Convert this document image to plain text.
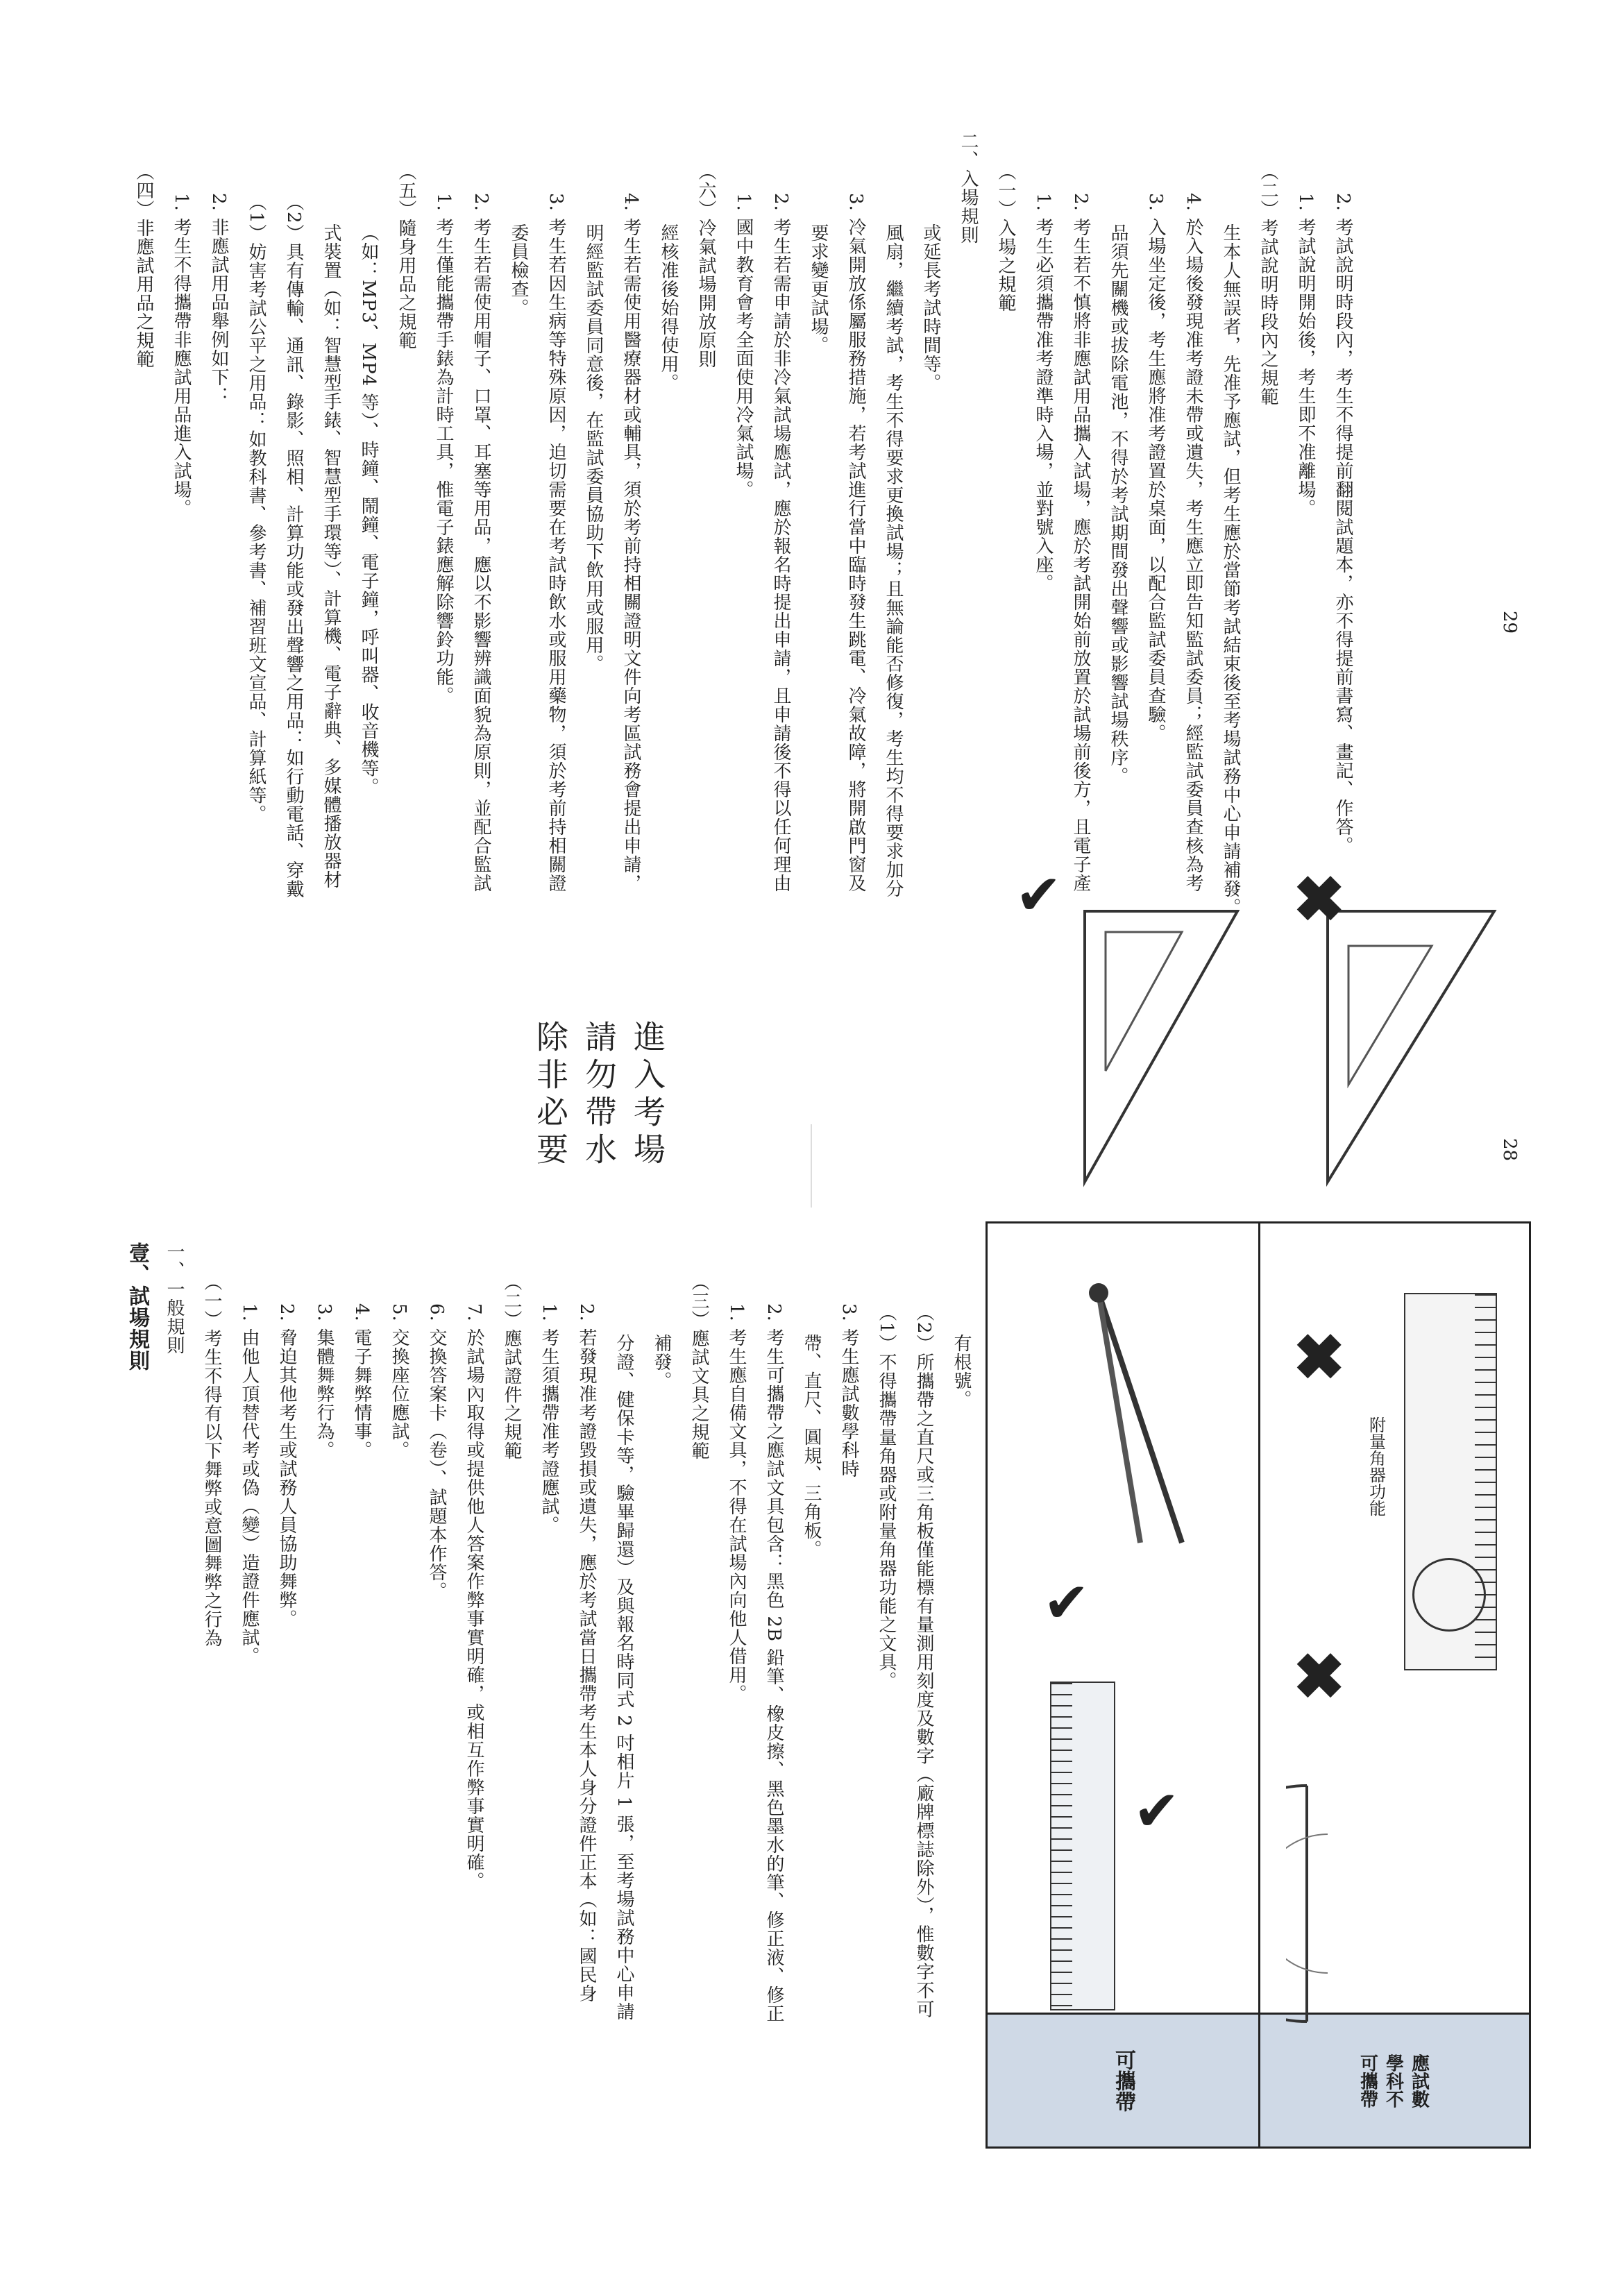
壹、試場規則 一、一般規則 （一）考生不得有以下舞弊或意圖舞弊之行為 1. 由他人頂替代考或偽（變）造證件應試。 2. 脅迫其他考生或試務人員協助舞弊。 3. 集體舞弊行為。 4. 電子舞弊情事。 5. 交換座位應試。 6. 交換答案卡（卷）、試題本作答。 7. 於試場內取得或提供他人答案作弊事實明確，或相互作弊事實明確。 （二）應試證件之規範 1. 考生須攜帶准考證應試。 2. 若發現准考證毀損或遺失，應於考試當日攜帶考生本人身分證件正本（如：國民身 分證、健保卡等，驗畢歸還）及與報名時同式 2 吋相片 1 張，至考場試務中心申請 補發。 （三）應試文具之規範 1. 考生應自備文具，不得在試場內向他人借用。 2. 考生可攜帶之應試文具包含：黑色 2B 鉛筆、橡皮擦、黑色墨水的筆、修正液、修正 帶、直尺、圓規、三角板。 3. 考生應試數學科時 （1）不得攜帶量角器或附量角器功能之文具。 （2）所攜帶之直尺或三角板僅能標有量測用刻度及數字（廠牌標誌除外），惟數字不可 有根號。
除非必要 請勿帶水 進入考場	28
29
可攜帶	應試數學科不可攜帶
✔
✔
✔
✖
附量角器功能
✖
✖
（四）非應試用品之規範 1. 考生不得攜帶非應試用品進入試場。 2. 非應試用品舉例如下： （1）妨害考試公平之用品：如教科書、參考書、補習班文宣品、計算紙等。 （2）具有傳輸、通訊、錄影、照相、計算功能或發出聲響之用品：如行動電話、穿戴 式裝置（如：智慧型手錶、智慧型手環等）、計算機、電子辭典、多媒體播放器材 （如：MP3、MP4 等）、時鐘、鬧鐘、電子鐘，呼叫器、收音機等。 （五）隨身用品之規範 1. 考生僅能攜帶手錶為計時工具，惟電子錶應解除響鈴功能。 2. 考生若需使用帽子、口罩、耳塞等用品，應以不影響辨識面貌為原則，並配合監試 委員檢查。 3. 考生若因生病等特殊原因，迫切需要在考試時飲水或服用藥物，須於考前持相關證 明經監試委員同意後，在監試委員協助下飲用或服用。 4. 考生若需使用醫療器材或輔具，須於考前持相關證明文件向考區試務會提出申請， 經核准後始得使用。 （六）冷氣試場開放原則 1. 國中教育會考全面使用冷氣試場。 2. 考生若需申請於非冷氣試場應試，應於報名時提出申請，且申請後不得以任何理由 要求變更試場。 3. 冷氣開放係屬服務措施，若考試進行當中臨時發生跳電、冷氣故障，將開啟門窗及 風扇，繼續考試，考生不得要求更換試場；且無論能否修復，考生均不得要求加分 或延長考試時間等。
二、入場規則 （一）入場之規範 1. 考生必須攜帶准考證準時入場，並對號入座。 2. 考生若不慎將非應試用品攜入試場，應於考試開始前放置於試場前後方，且電子產 品須先關機或拔除電池，不得於考試期間發出聲響或影響試場秩序。 3. 入場坐定後，考生應將准考證置於桌面，以配合監試委員查驗。 4. 於入場後發現准考證未帶或遺失，考生應立即告知監試委員；經監試委員查核為考 生本人無誤者，先准予應試，但考生應於當節考試結束後至考場試務中心申請補發。 （二）考試說明時段內之規範 1. 考試說明開始後，考生即不准離場。 2. 考試說明時段內，考生不得提前翻閱試題本，亦不得提前書寫、畫記、作答。
